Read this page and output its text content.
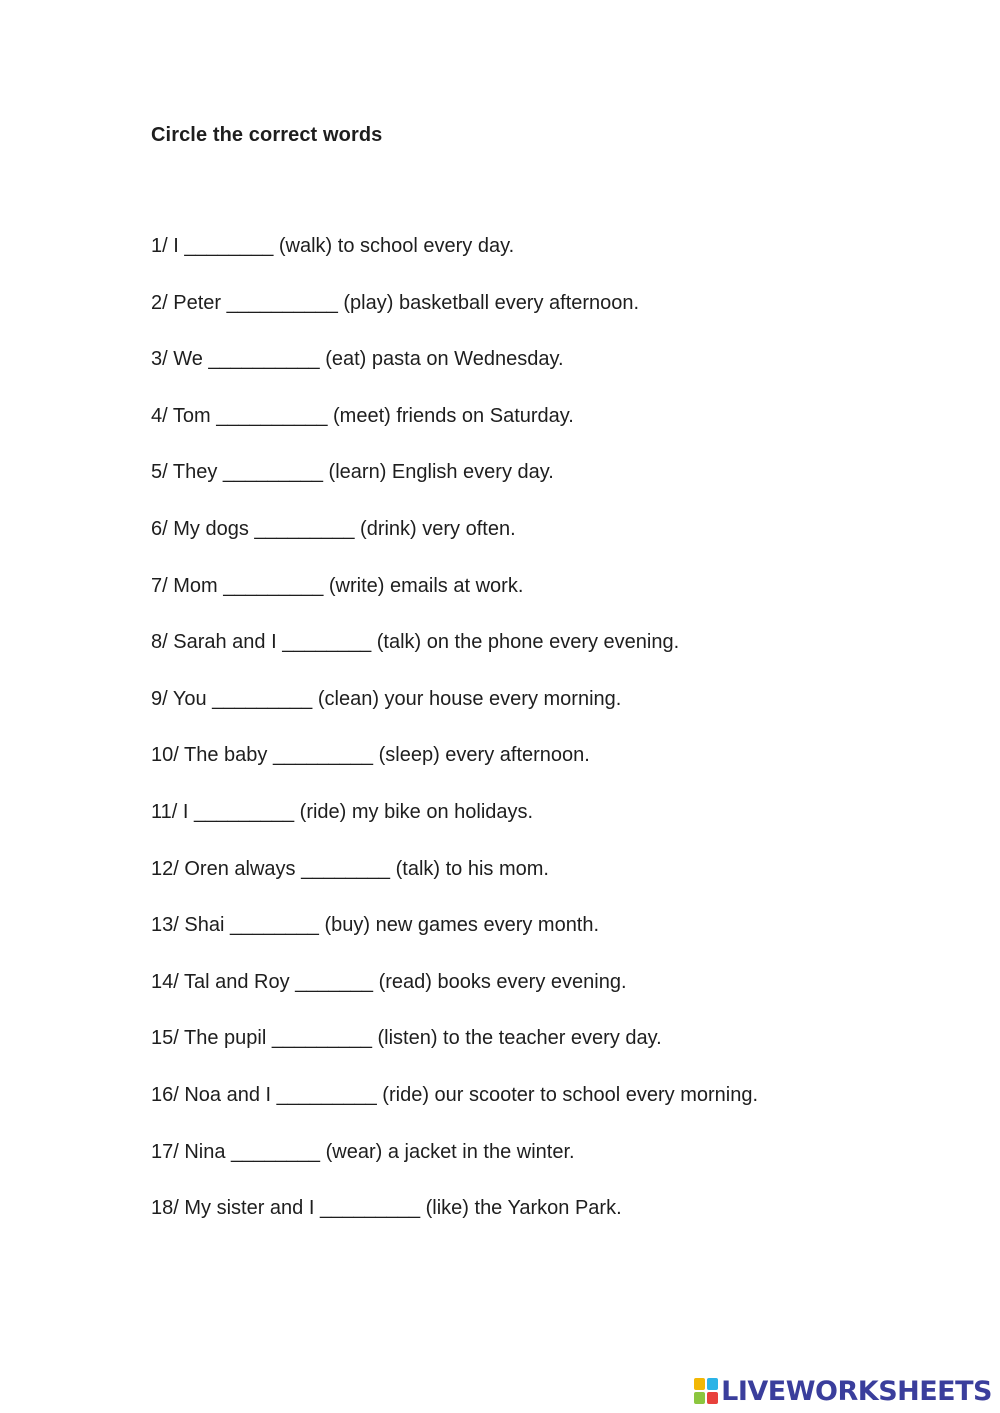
Circle the correct words
1/ I ________ (walk) to school every day.
2/ Peter __________ (play) basketball every afternoon.
3/ We __________ (eat) pasta on Wednesday.
4/ Tom __________ (meet) friends on Saturday.
5/ They _________ (learn) English every day.
6/ My dogs _________ (drink) very often.
7/ Mom _________ (write) emails at work.
8/ Sarah and I ________ (talk) on the phone every evening.
9/ You _________ (clean) your house every morning.
10/ The baby _________ (sleep) every afternoon.
11/ I _________ (ride) my bike on holidays.
12/ Oren always ________ (talk) to his mom.
13/ Shai ________ (buy) new games every month.
14/ Tal and Roy _______ (read) books every evening.
15/ The pupil _________ (listen) to the teacher every day.
16/ Noa and I _________ (ride) our scooter to school every morning.
17/ Nina ________ (wear) a jacket in the winter.
18/ My sister and I _________ (like) the Yarkon Park.
LIVEWORKSHEETS
